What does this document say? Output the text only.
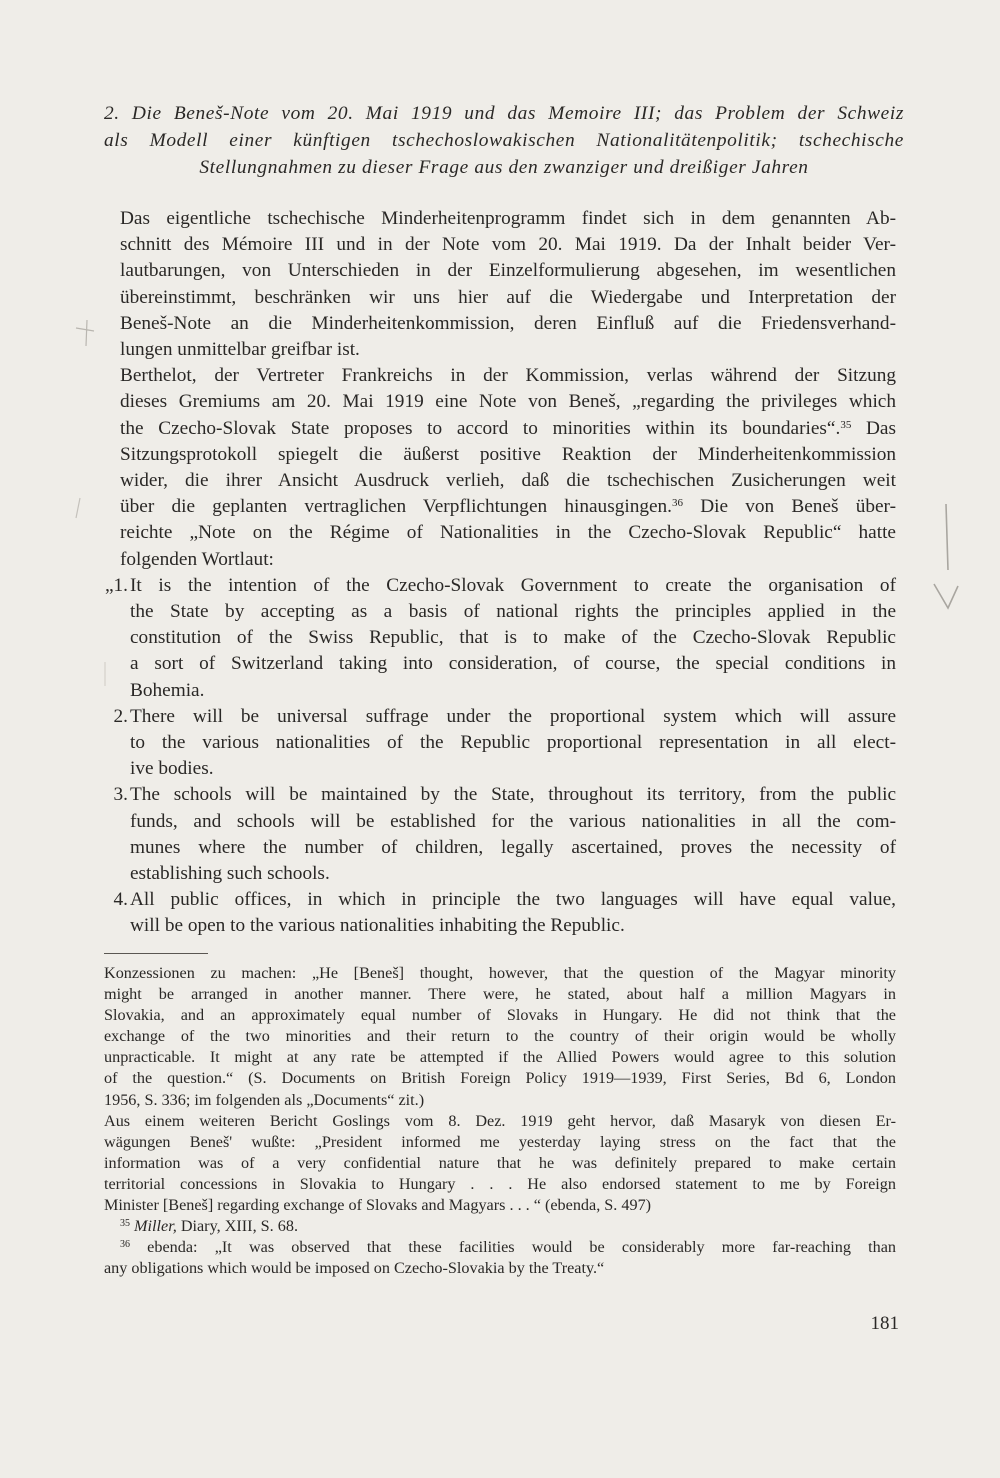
2. Die Beneš-Note vom 20. Mai 1919 und das Memoire III; das Problem der Schweiz
als Modell einer künftigen tschechoslowakischen Nationalitätenpolitik; tschechische
Stellungnahmen zu dieser Frage aus den zwanziger und dreißiger Jahren

Das eigentliche tschechische Minderheitenprogramm findet sich in dem genannten Ab-
schnitt des Mémoire III und in der Note vom 20. Mai 1919. Da der Inhalt beider Ver-
lautbarungen, von Unterschieden in der Einzelformulierung abgesehen, im wesentlichen
übereinstimmt, beschränken wir uns hier auf die Wiedergabe und Interpretation der
Beneš-Note an die Minderheitenkommission, deren Einfluß auf die Friedensverhand-
lungen unmittelbar greifbar ist.

Berthelot, der Vertreter Frankreichs in der Kommission, verlas während der Sitzung
dieses Gremiums am 20. Mai 1919 eine Note von Beneš, „regarding the privileges which
the Czecho-Slovak State proposes to accord to minorities within its boundaries“.$^{35}$ Das
Sitzungsprotokoll spiegelt die äußerst positive Reaktion der Minderheitenkommission
wider, die ihrer Ansicht Ausdruck verlieh, daß die tschechischen Zusicherungen weit
über die geplanten vertraglichen Verpflichtungen hinausgingen.$^{36}$ Die von Beneš über-
reichte „Note on the Régime of Nationalities in the Czecho-Slovak Republic“ hatte
folgenden Wortlaut:

„1. It is the intention of the Czecho-Slovak Government to create the organisation of
the State by accepting as a basis of national rights the principles applied in the
constitution of the Swiss Republic, that is to make of the Czecho-Slovak Republic
a sort of Switzerland taking into consideration, of course, the special conditions in
Bohemia.
2. There will be universal suffrage under the proportional system which will assure
to the various nationalities of the Republic proportional representation in all elect-
ive bodies.
3. The schools will be maintained by the State, throughout its territory, from the public
funds, and schools will be established for the various nationalities in all the com-
munes where the number of children, legally ascertained, proves the necessity of
establishing such schools.
4. All public offices, in which in principle the two languages will have equal value,
will be open to the various nationalities inhabiting the Republic.

Konzessionen zu machen: „He [Beneš] thought, however, that the question of the Magyar minority
might be arranged in another manner. There were, he stated, about half a million Magyars in
Slovakia, and an approximately equal number of Slovaks in Hungary. He did not think that the
exchange of the two minorities and their return to the country of their origin would be wholly
unpracticable. It might at any rate be attempted if the Allied Powers would agree to this solution
of the question.“ (S. Documents on British Foreign Policy 1919—1939, First Series, Bd 6, London
1956, S. 336; im folgenden als „Documents“ zit.)

Aus einem weiteren Bericht Goslings vom 8. Dez. 1919 geht hervor, daß Masaryk von diesen Er-
wägungen Beneš' wußte: „President informed me yesterday laying stress on the fact that the
information was of a very confidential nature that he was definitely prepared to make certain
territorial concessions in Slovakia to Hungary . . . He also endorsed statement to me by Foreign
Minister [Beneš] regarding exchange of Slovaks and Magyars . . . “ (ebenda, S. 497)

$^{35}$ Miller, Diary, XIII, S. 68.

$^{36}$ ebenda: „It was observed that these facilities would be considerably more far-reaching than
any obligations which would be imposed on Czecho-Slovakia by the Treaty.“

181
